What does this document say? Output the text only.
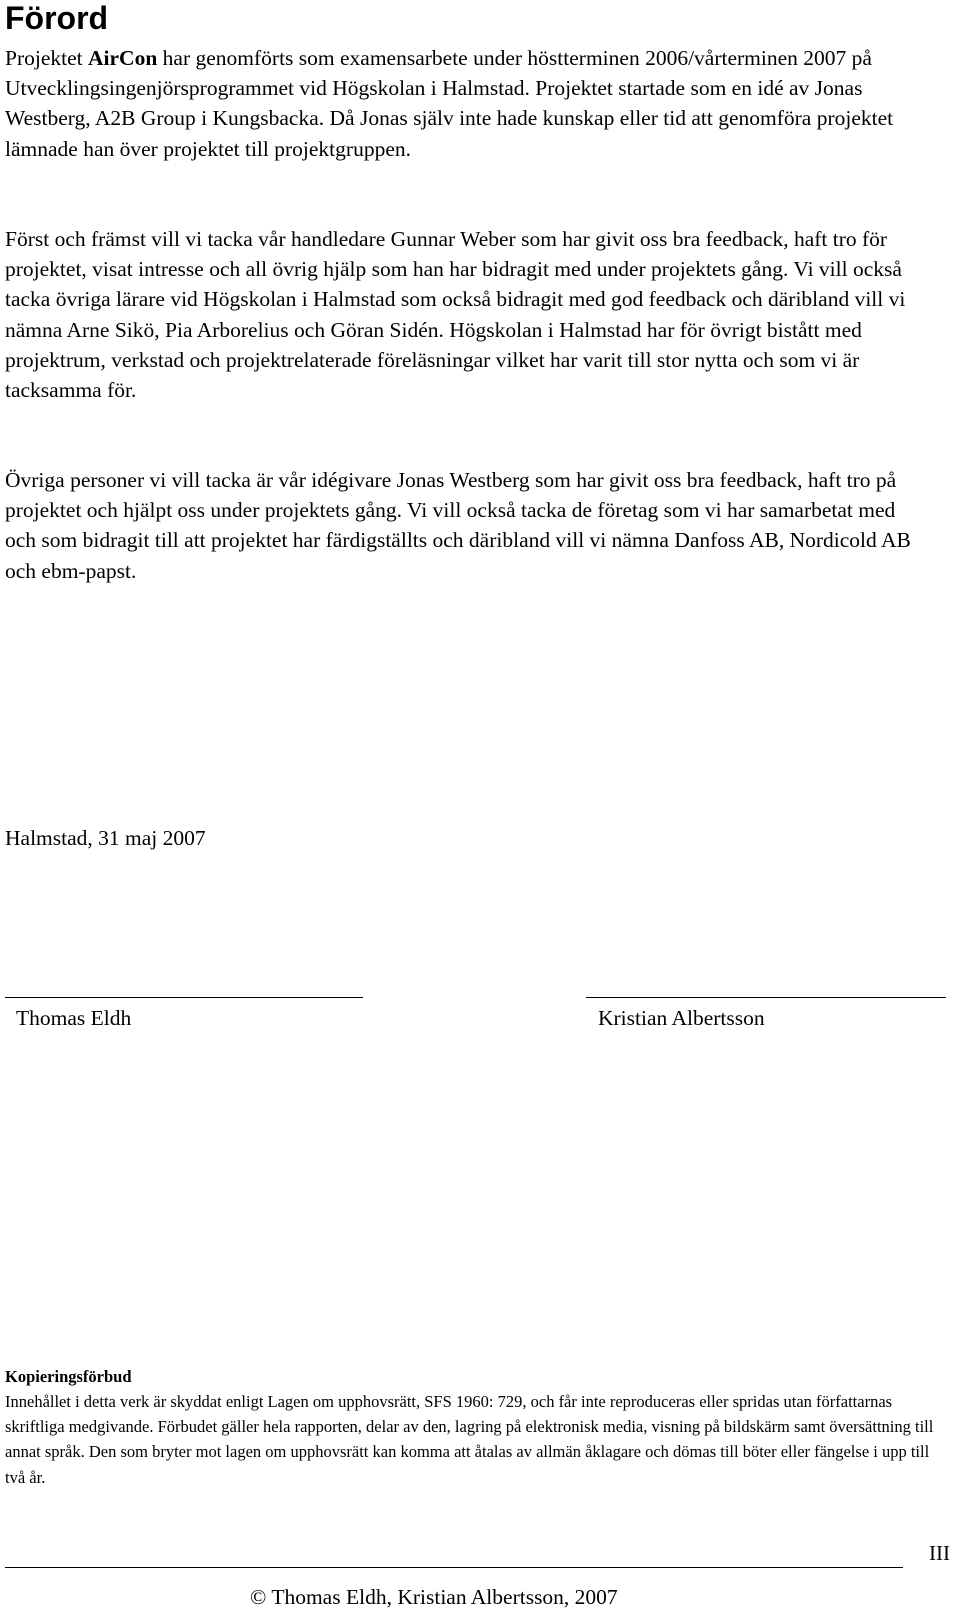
Förord

Projektet AirCon har genomförts som examensarbete under höstterminen 2006/vårterminen 2007 på Utvecklingsingenjörsprogrammet vid Högskolan i Halmstad. Projektet startade som en idé av Jonas Westberg, A2B Group i Kungsbacka. Då Jonas själv inte hade kunskap eller tid att genomföra projektet lämnade han över projektet till projektgruppen.

Först och främst vill vi tacka vår handledare Gunnar Weber som har givit oss bra feedback, haft tro för projektet, visat intresse och all övrig hjälp som han har bidragit med under projektets gång. Vi vill också tacka övriga lärare vid Högskolan i Halmstad som också bidragit med god feedback och däribland vill vi nämna Arne Sikö, Pia Arborelius och Göran Sidén. Högskolan i Halmstad har för övrigt bistått med projektrum, verkstad och projektrelaterade föreläsningar vilket har varit till stor nytta och som vi är tacksamma för.

Övriga personer vi vill tacka är vår idégivare Jonas Westberg som har givit oss bra feedback, haft tro på projektet och hjälpt oss under projektets gång. Vi vill också tacka de företag som vi har samarbetat med och som bidragit till att projektet har färdigställts och däribland vill vi nämna Danfoss AB, Nordicold AB och ebm-papst.

Halmstad, 31 maj 2007

Thomas Eldh	Kristian Albertsson

Kopieringsförbud

Innehållet i detta verk är skyddat enligt Lagen om upphovsrätt, SFS 1960: 729, och får inte reproduceras eller spridas utan författarnas skriftliga medgivande. Förbudet gäller hela rapporten, delar av den, lagring på elektronisk media, visning på bildskärm samt översättning till annat språk. Den som bryter mot lagen om upphovsrätt kan komma att åtalas av allmän åklagare och dömas till böter eller fängelse i upp till två år.

III

© Thomas Eldh, Kristian Albertsson, 2007
